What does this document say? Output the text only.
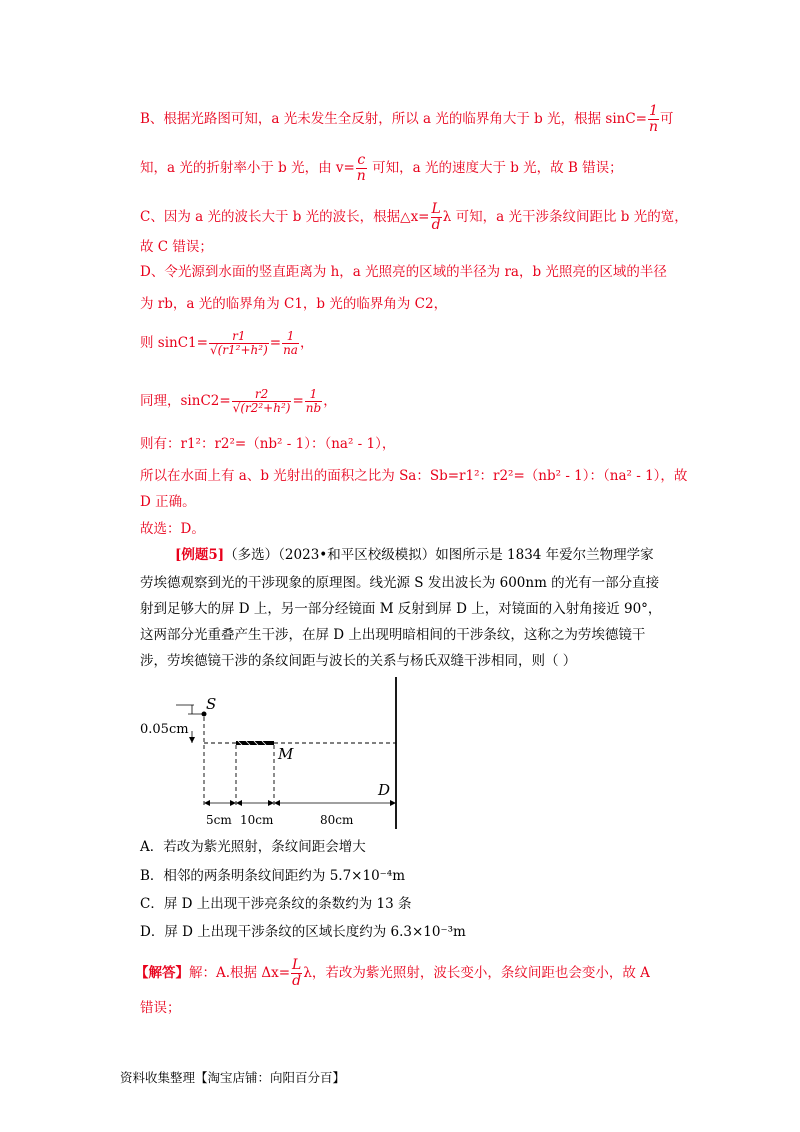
B、根据光路图可知，a 光未发生全反射，所以 a 光的临界角大于 b 光，根据 $\sin C= \frac{1}{n}$ 可
知，a 光的折射率小于 b 光，由 $v= \frac{c}{n}$ 可知，a 光的速度大于 b 光，故 B 错误；
C、因为 a 光的波长大于 b 光的波长，根据△x= $\frac{L}{d}$ λ 可知，a 光干涉条纹间距比 b 光的宽，
故 C 错误；
D、令光源到水面的竖直距离为 h，a 光照亮的区域的半径为 ra，b 光照亮的区域的半径
为 rb，a 光的临界角为 C1，b 光的临界角为 C2，
则 $\sin C1= \frac{r1}{\text{√(r1²+h²)}} = \frac{1}{na}$ ，
同理，$\sin C2= \frac{r2}{\text{√(r2²+h²)}} = \frac{1}{nb}$ ，
则有：r1²：r2²=（nb² - 1）：（na² - 1），
所以在水面上有 a、b 光射出的面积之比为 Sa：Sb=r1²：r2²=（nb² - 1）：（na² - 1），故
D 正确。
故选：D。
[例题5]（多选）（2023•和平区校级模拟）如图所示是 1834 年爱尔兰物理学家
劳埃德观察到光的干涉现象的原理图。线光源 S 发出波长为 600nm 的光有一部分直接
射到足够大的屏 D 上，另一部分经镜面 M 反射到屏 D 上，对镜面的入射角接近 90°，
这两部分光重叠产生干涉，在屏 D 上出现明暗相间的干涉条纹，这称之为劳埃德镜干
涉，劳埃德镜干涉的条纹间距与波长的关系与杨氏双缝干涉相同，则（ ）
S
0.05cm
M
D
5cm 10cm	80cm
A．若改为紫光照射，条纹间距会增大
B．相邻的两条明条纹间距约为 5.7×10⁻⁴m
C．屏 D 上出现干涉亮条纹的条数约为 13 条
D．屏 D 上出现干涉条纹的区域长度约为 6.3×10⁻³m
【解答】解：A.根据 $\Delta x= \frac{L}{d}$ λ，若改为紫光照射，波长变小，条纹间距也会变小，故 A
错误；
资料收集整理【淘宝店铺：向阳百分百】
